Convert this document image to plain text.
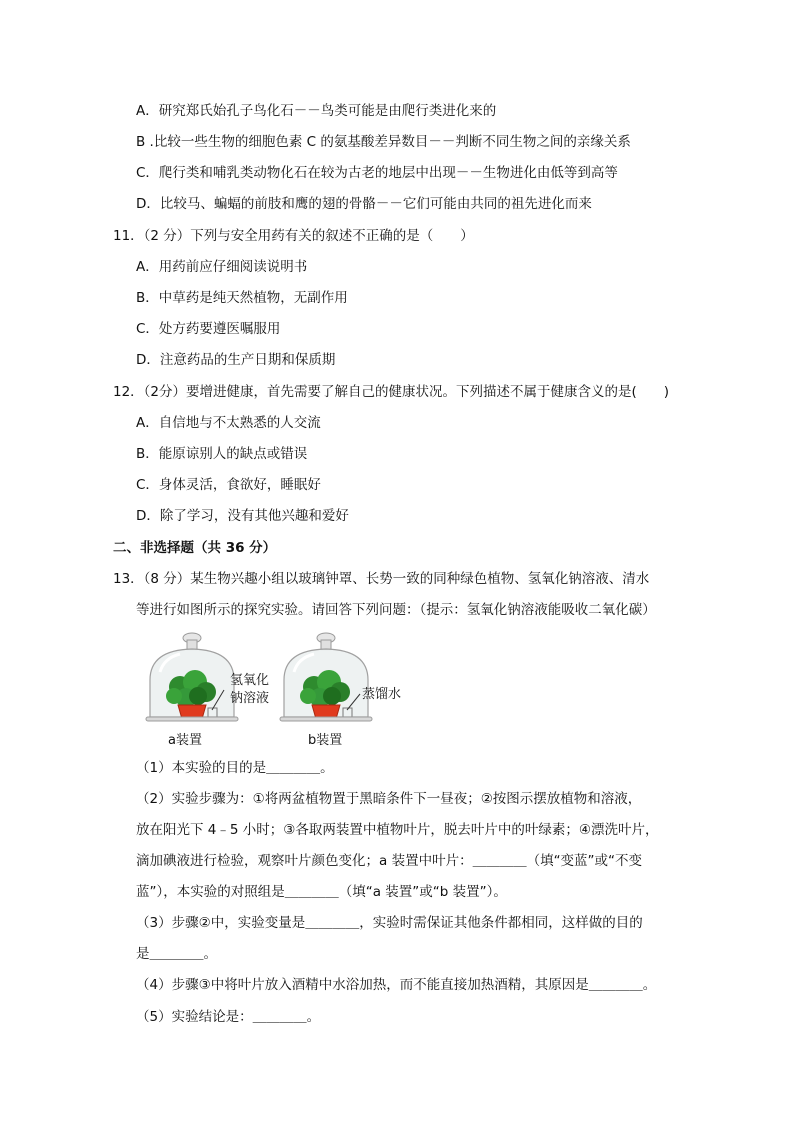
A．研究郑氏始孔子鸟化石－－鸟类可能是由爬行类进化来的
B .比较一些生物的细胞色素 C 的氨基酸差异数目－－判断不同生物之间的亲缘关系
C．爬行类和哺乳类动物化石在较为古老的地层中出现－－生物进化由低等到高等
D．比较马、蝙蝠的前肢和鹰的翅的骨骼－－它们可能由共同的祖先进化而来
11．（2 分）下列与安全用药有关的叙述不正确的是（　　）
A．用药前应仔细阅读说明书
B．中草药是纯天然植物，无副作用
C．处方药要遵医嘱服用
D．注意药品的生产日期和保质期
12．（2分）要增进健康，首先需要了解自己的健康状况。下列描述不属于健康含义的是(　　)
A．自信地与不太熟悉的人交流
B．能原谅别人的缺点或错误
C．身体灵活，食欲好，睡眠好
D．除了学习，没有其他兴趣和爱好
二、非选择题（共 36 分）
13．（8 分）某生物兴趣小组以玻璃钟罩、长势一致的同种绿色植物、氢氧化钠溶液、清水
等进行如图所示的探究实验。请回答下列问题：（提示：氢氧化钠溶液能吸收二氧化碳）
氢氧化
钠溶液	蒸馏水
a装置	b装置
（1）本实验的目的是＿＿＿＿。
（2）实验步骤为：①将两盆植物置于黑暗条件下一昼夜；②按图示摆放植物和溶液，
放在阳光下 4﹣5 小时；③各取两装置中植物叶片，脱去叶片中的叶绿素；④漂洗叶片，
滴加碘液进行检验，观察叶片颜色变化；a 装置中叶片：＿＿＿＿（填“变蓝”或“不变
蓝”），本实验的对照组是＿＿＿＿（填“a 装置”或“b 装置”）。
（3）步骤②中，实验变量是＿＿＿＿，实验时需保证其他条件都相同，这样做的目的
是＿＿＿＿。
（4）步骤③中将叶片放入酒精中水浴加热，而不能直接加热酒精，其原因是＿＿＿＿。
（5）实验结论是：＿＿＿＿。
